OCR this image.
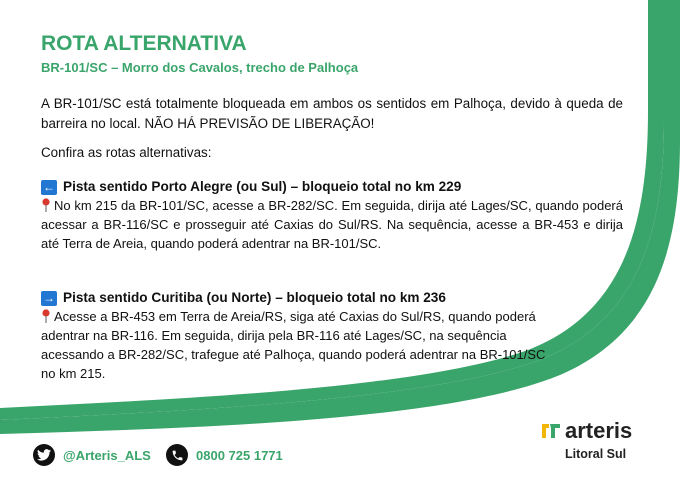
ROTA ALTERNATIVA
BR-101/SC – Morro dos Cavalos, trecho de Palhoça
A BR-101/SC está totalmente bloqueada em ambos os sentidos em Palhoça, devido à queda de barreira no local. NÃO HÁ PREVISÃO DE LIBERAÇÃO!
Confira as rotas alternativas:
← Pista sentido Porto Alegre (ou Sul) – bloqueio total no km 229
No km 215 da BR-101/SC, acesse a BR-282/SC. Em seguida, dirija até Lages/SC, quando poderá acessar a BR-116/SC e prosseguir até Caxias do Sul/RS. Na sequência, acesse a BR-453 e dirija até Terra de Areia, quando poderá adentrar na BR-101/SC.
→ Pista sentido Curitiba (ou Norte) – bloqueio total no km 236
Acesse a BR-453 em Terra de Areia/RS, siga até Caxias do Sul/RS, quando poderá adentrar na BR-116. Em seguida, dirija pela BR-116 até Lages/SC, na sequência acessando a BR-282/SC, trafegue até Palhoça, quando poderá adentrar na BR-101/SC no km 215.
@Arteris_ALS	0800 725 1771
arteris
Litoral Sul
